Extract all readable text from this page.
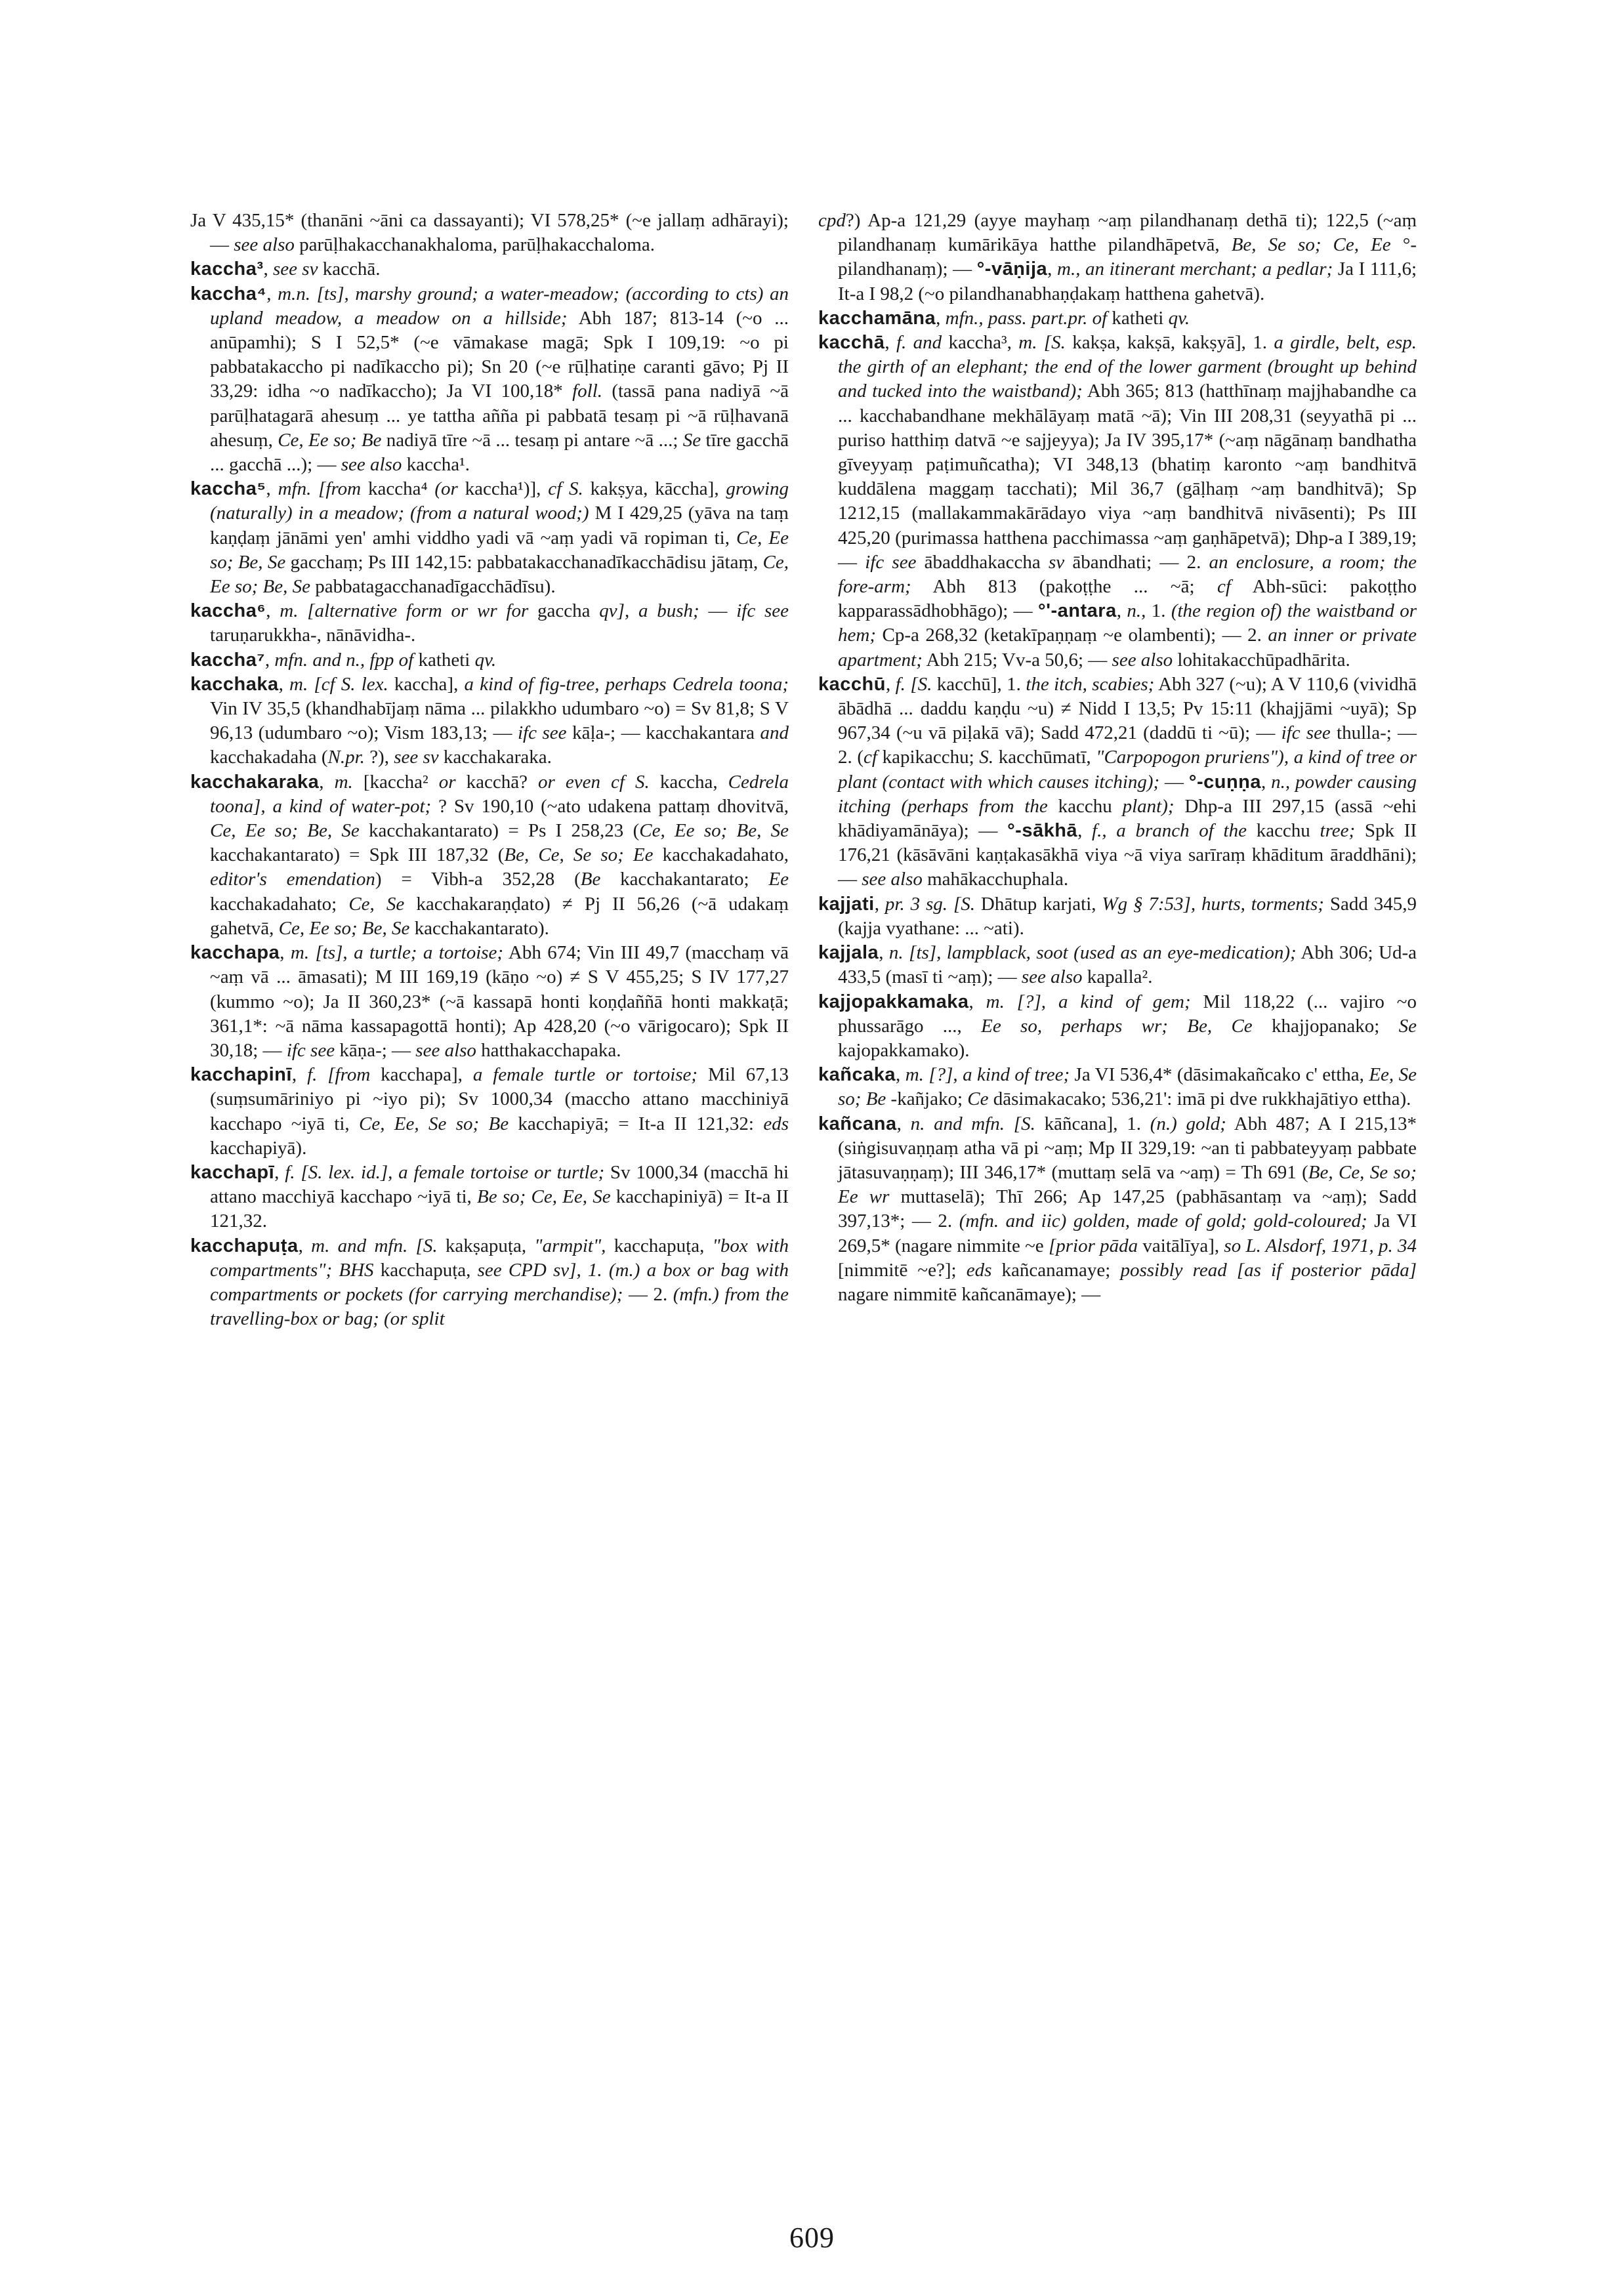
Ja V 435,15* (thanāni ~āni ca dassayanti); VI 578,25* (~e jallaṃ adhārayi); — see also parūḷhakacchanakhaloma, parūḷhakacchaloma.

kaccha³, see sv kacchā.

kaccha⁴, m.n. [ts], marshy ground; a water-meadow; (according to cts) an upland meadow, a meadow on a hillside; Abh 187; 813-14 (~o ... anūpamhi); S I 52,5* (~e vāmakase magā; Spk I 109,19: ~o pi pabbatakaccho pi nadīkaccho pi); Sn 20 (~e rūḷhatiṇe caranti gāvo; Pj II 33,29: idha ~o nadīkaccho); Ja VI 100,18* foll. (tassā pana nadiyā ~ā parūḷhatagarā ahesuṃ ... ye tattha añña pi pabbatā tesaṃ pi ~ā rūḷhavanā ahesuṃ, Ce, Ee so; Be nadiyā tīre ~ā ... tesaṃ pi antare ~ā ...; Se tīre gacchā ... gacchā ...); — see also kaccha¹.

kaccha⁵, mfn. [from kaccha⁴ (or kaccha¹)], cf S. kakṣya, kāccha], growing (naturally) in a meadow; (from a natural wood;) M I 429,25 (yāva na taṃ kaṇḍaṃ jānāmi yen' amhi viddho yadi vā ~aṃ yadi vā ropiman ti, Ce, Ee so; Be, Se gacchaṃ; Ps III 142,15: pabbatakacchanadīkacchādisu jātaṃ, Ce, Ee so; Be, Se pabbatagacchanadīgacchādīsu).

kaccha⁶, m. [alternative form or wr for gaccha qv], a bush; — ifc see taruṇarukkha-, nānāvidha-.

kaccha⁷, mfn. and n., fpp of katheti qv.

kacchaka, m. [cf S. lex. kaccha], a kind of fig-tree, perhaps Cedrela toona; Vin IV 35,5 (khandhabījaṃ nāma ... pilakkho udumbaro ~o) = Sv 81,8; S V 96,13 (udumbaro ~o); Vism 183,13; — ifc see kāḷa-; — kacchakantara and kacchakadaha (N.pr. ?), see sv kacchakaraka.

kacchakaraka, m. [kaccha² or kacchā? or even cf S. kaccha, Cedrela toona], a kind of water-pot; ? Sv 190,10 (~ato udakena pattaṃ dhovitvā, Ce, Ee so; Be, Se kacchakantarato) = Ps I 258,23 (Ce, Ee so; Be, Se kacchakantarato) = Spk III 187,32 (Be, Ce, Se so; Ee kacchakadahato, editor's emendation) = Vibh-a 352,28 (Be kacchakantarato; Ee kacchakadahato; Ce, Se kacchakaraṇḍato) ≠ Pj II 56,26 (~ā udakaṃ gahetvā, Ce, Ee so; Be, Se kacchakantarato).

kacchapa, m. [ts], a turtle; a tortoise; Abh 674; Vin III 49,7 (macchaṃ vā ~aṃ vā ... āmasati); M III 169,19 (kāṇo ~o) ≠ S V 455,25; S IV 177,27 (kummo ~o); Ja II 360,23* (~ā kassapā honti koṇḍaññā honti makkaṭā; 361,1*: ~ā nāma kassapagottā honti); Ap 428,20 (~o vārigocaro); Spk II 30,18; — ifc see kāṇa-; — see also hatthakacchapaka.

kacchapinī, f. [from kacchapa], a female turtle or tortoise; Mil 67,13 (suṃsumāriniyo pi ~iyo pi); Sv 1000,34 (maccho attano macchiniyā kacchapo ~iyā ti, Ce, Ee, Se so; Be kacchapiyā; = It-a II 121,32: eds kacchapiyā).

kacchapī, f. [S. lex. id.], a female tortoise or turtle; Sv 1000,34 (macchā hi attano macchiyā kacchapo ~iyā ti, Be so; Ce, Ee, Se kacchapiniyā) = It-a II 121,32.

kacchapuṭa, m. and mfn. [S. kakṣapuṭa, "armpit", kacchapuṭa, "box with compartments"; BHS kacchapuṭa, see CPD sv], 1. (m.) a box or bag with compartments or pockets (for carrying merchandise); — 2. (mfn.) from the travelling-box or bag; (or split

cpd?) Ap-a 121,29 (ayye mayhaṃ ~aṃ pilandhanaṃ dethā ti); 122,5 (~aṃ pilandhanaṃ kumārikāya hatthe pilandhāpetvā, Be, Se so; Ce, Ee °-pilandhanaṃ); — °-vāṇija, m., an itinerant merchant; a pedlar; Ja I 111,6; It-a I 98,2 (~o pilandhanabhaṇḍakaṃ hatthena gahetvā).

kacchamāna, mfn., pass. part.pr. of katheti qv.

kacchā, f. and kaccha³, m. [S. kakṣa, kakṣā, kakṣyā], 1. a girdle, belt, esp. the girth of an elephant; the end of the lower garment (brought up behind and tucked into the waistband); Abh 365; 813 (hatthīnaṃ majjhabandhe ca ... kacchabandhane mekhālāyaṃ matā ~ā); Vin III 208,31 (seyyathā pi ... puriso hatthiṃ datvā ~e sajjeyya); Ja IV 395,17* (~aṃ nāgānaṃ bandhatha gīveyyaṃ paṭimuñcatha); VI 348,13 (bhatiṃ karonto ~aṃ bandhitvā kuddālena maggaṃ tacchati); Mil 36,7 (gāḷhaṃ ~aṃ bandhitvā); Sp 1212,15 (mallakammakārādayo viya ~aṃ bandhitvā nivāsenti); Ps III 425,20 (purimassa hatthena pacchimassa ~aṃ gaṇhāpetvā); Dhp-a I 389,19; — ifc see ābaddhakaccha sv ābandhati; — 2. an enclosure, a room; the fore-arm; Abh 813 (pakoṭṭhe ... ~ā; cf Abh-sūci: pakoṭṭho kapparassādhobhāgo); — °'-antara, n., 1. (the region of) the waistband or hem; Cp-a 268,32 (ketakīpaṇṇaṃ ~e olambenti); — 2. an inner or private apartment; Abh 215; Vv-a 50,6; — see also lohitakacchūpadhārita.

kacchū, f. [S. kacchū], 1. the itch, scabies; Abh 327 (~u); A V 110,6 (vividhā ābādhā ... daddu kaṇḍu ~u) ≠ Nidd I 13,5; Pv 15:11 (khajjāmi ~uyā); Sp 967,34 (~u vā piḷakā vā); Sadd 472,21 (daddū ti ~ū); — ifc see thulla-; — 2. (cf kapikacchu; S. kacchūmatī, "Carpopogon pruriens"), a kind of tree or plant (contact with which causes itching); — °-cuṇṇa, n., powder causing itching (perhaps from the kacchu plant); Dhp-a III 297,15 (assā ~ehi khādiyamānāya); — °-sākhā, f., a branch of the kacchu tree; Spk II 176,21 (kāsāvāni kaṇṭakasākhā viya ~ā viya sarīraṃ khāditum āraddhāni); — see also mahākacchuphala.

kajjati, pr. 3 sg. [S. Dhātup karjati, Wg § 7:53], hurts, torments; Sadd 345,9 (kajja vyathane: ... ~ati).

kajjala, n. [ts], lampblack, soot (used as an eye-medication); Abh 306; Ud-a 433,5 (masī ti ~aṃ); — see also kapalla².

kajjopakkamaka, m. [?], a kind of gem; Mil 118,22 (... vajiro ~o phussarāgo ..., Ee so, perhaps wr; Be, Ce khajjopanako; Se kajopakkamako).

kañcaka, m. [?], a kind of tree; Ja VI 536,4* (dāsimakañcako c' ettha, Ee, Se so; Be -kañjako; Ce dāsimakacako; 536,21': imā pi dve rukkhajātiyo ettha).

kañcana, n. and mfn. [S. kāñcana], 1. (n.) gold; Abh 487; A I 215,13* (siṅgisuvaṇṇaṃ atha vā pi ~aṃ; Mp II 329,19: ~an ti pabbateyyaṃ pabbate jātasuvaṇṇaṃ); III 346,17* (muttaṃ selā va ~aṃ) = Th 691 (Be, Ce, Se so; Ee wr muttaselā); Thī 266; Ap 147,25 (pabhāsantaṃ va ~aṃ); Sadd 397,13*; — 2. (mfn. and iic) golden, made of gold; gold-coloured; Ja VI 269,5* (nagare nimmite ~e [prior pāda vaitālīya], so L. Alsdorf, 1971, p. 34 [nimmitē ~e?]; eds kañcanamaye; possibly read [as if posterior pāda] nagare nimmitē kañcanāmaye); —

609
